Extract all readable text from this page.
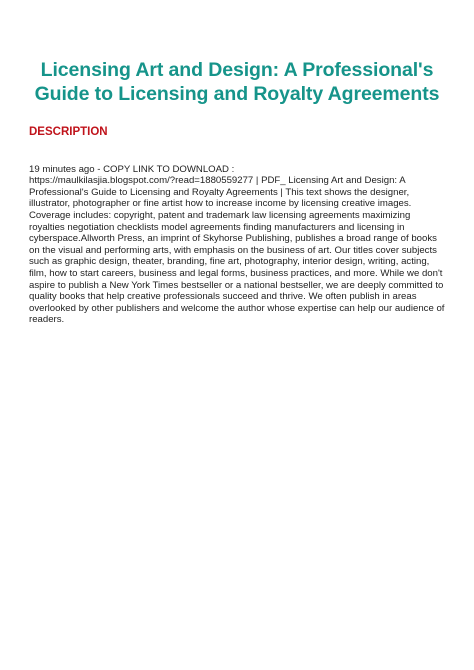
Licensing Art and Design: A Professional's Guide to Licensing and Royalty Agreements
DESCRIPTION

19 minutes ago - COPY LINK TO DOWNLOAD :
https://maulkilasjia.blogspot.com/?read=1880559277 | PDF_ Licensing Art and Design: A
Professional's Guide to Licensing and Royalty Agreements | This text shows the designer,
illustrator, photographer or fine artist how to increase income by licensing creative images.
Coverage includes: copyright, patent and trademark law licensing agreements maximizing
royalties negotiation checklists model agreements finding manufacturers and licensing in
cyberspace.Allworth Press, an imprint of Skyhorse Publishing, publishes a broad range of books
on the visual and performing arts, with emphasis on the business of art. Our titles cover subjects
such as graphic design, theater, branding, fine art, photography, interior design, writing, acting,
film, how to start careers, business and legal forms, business practices, and more. While we don't
aspire to publish a New York Times bestseller or a national bestseller, we are deeply committed to
quality books that help creative professionals succeed and thrive. We often publish in areas
overlooked by other publishers and welcome the author whose expertise can help our audience of
readers.
